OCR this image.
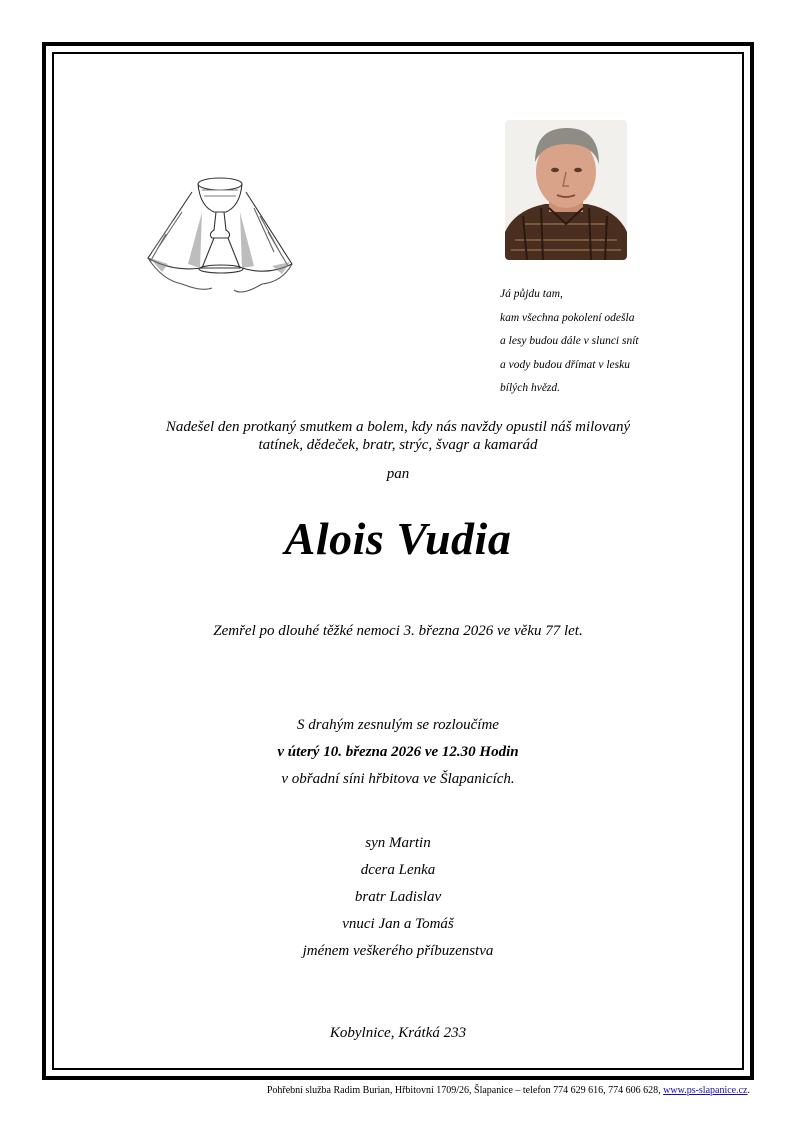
Já půjdu tam,
kam všechna pokolení odešla
a lesy budou dále v slunci snít
a vody budou dřímat v lesku
bílých hvězd.
Nadešel den protkaný smutkem a bolem, kdy nás navždy opustil náš milovaný
tatínek, dědeček, bratr, strýc, švagr a kamarád
pan
Alois Vudia
Zemřel po dlouhé těžké nemoci 3. března 2026 ve věku 77 let.
S drahým zesnulým se rozloučíme
v úterý 10. března 2026 ve 12.30 Hodin
v obřadní síni hřbitova ve Šlapanicích.
syn Martin
dcera Lenka
bratr Ladislav
vnuci Jan a Tomáš
jménem veškerého příbuzenstva
Kobylnice, Krátká 233
Pohřební služba Radim Burian, Hřbitovní 1709/26, Šlapanice – telefon 774 629 616, 774 606 628, www.ps-slapanice.cz.
